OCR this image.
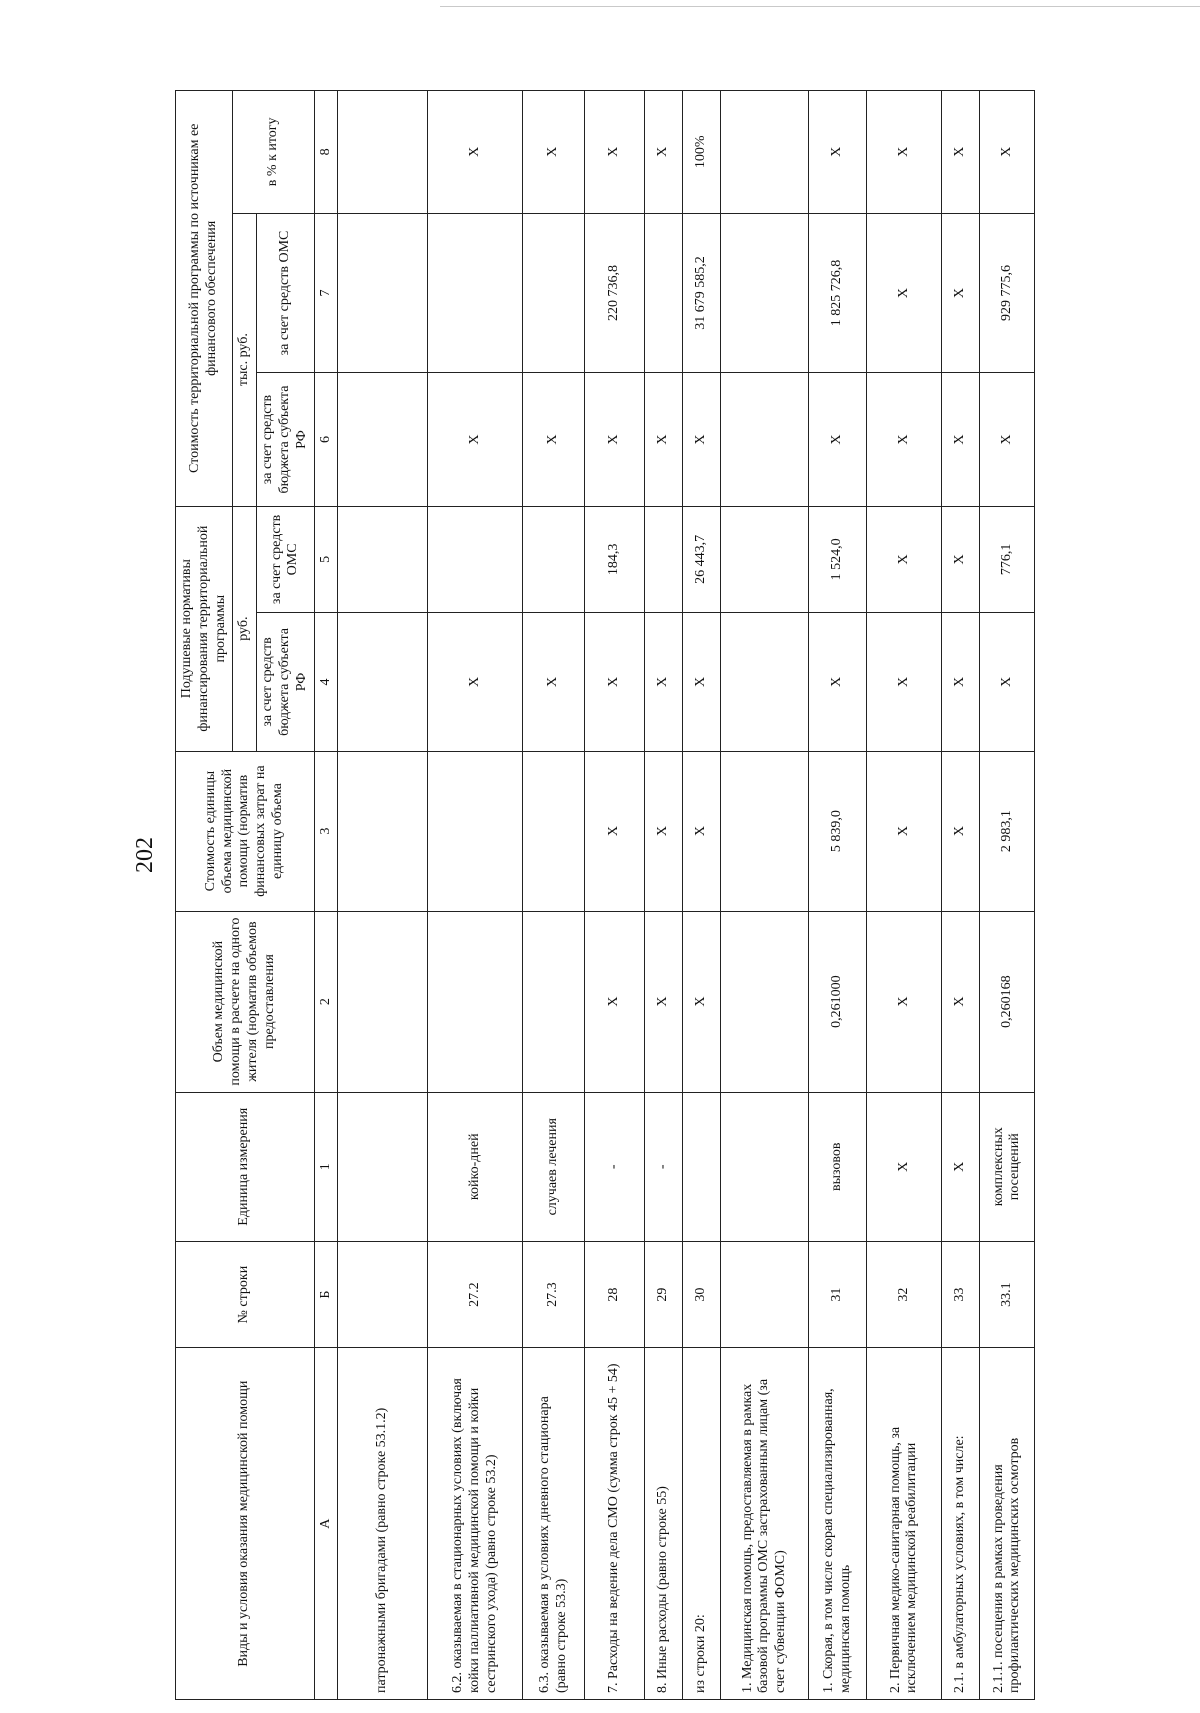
202
Виды и условия оказания медицинской помощи	№ строки	Единица измерения	Объем медицинской помощи в расчете на одного жителя (норматив объемов предоставления	Стоимость единицы объема медицинской помощи (норматив финансовых затрат на единицу объема	Подушевые нормативы финансирования территориальной программы		Стоимость территориальной программы по источникам ее финансового обеспечения		
					руб.		тыс. руб.		в % к итогу
					за счет средств бюджета субъекта РФ	за счет средств ОМС	за счет средств бюджета субъекта РФ	за счет средств ОМС	
А	Б	1	2	3	4	5	6	7	8
патронажными бригадами (равно строке 53.1.2)									
6.2. оказываемая в стационарных условиях (включая койки паллиативной медицинской помощи и койки сестринского ухода) (равно строке 53.2)	27.2	койко-дней			Х		Х		Х
6.3. оказываемая в условиях дневного стационара (равно строке 53.3)	27.3	случаев лечения			Х		Х		Х
7. Расходы на ведение дела СМО (сумма строк 45 + 54)	28	-	Х	Х	Х	184,3	Х	220 736,8	Х
8. Иные расходы (равно строке 55)	29	-	Х	Х	Х		Х		Х
из строки 20:	30		Х	Х	Х	26 443,7	Х	31 679 585,2	100%
1. Медицинская помощь, предоставляемая в рамках базовой программы ОМС застрахованным лицам (за счет субвенции ФОМС)									
1. Скорая, в том числе скорая специализированная, медицинская помощь	31	вызовов	0,261000	5 839,0	Х	1 524,0	Х	1 825 726,8	Х
2. Первичная медико-санитарная помощь, за исключением медицинской реабилитации	32	Х	Х	Х	Х	Х	Х	Х	Х
2.1. в амбулаторных условиях, в том числе:	33	Х	Х	Х	Х	Х	Х	Х	Х
2.1.1. посещения в рамках проведения профилактических медицинских осмотров	33.1	комплексных посещений	0,260168	2 983,1	Х	776,1	Х	929 775,6	Х
